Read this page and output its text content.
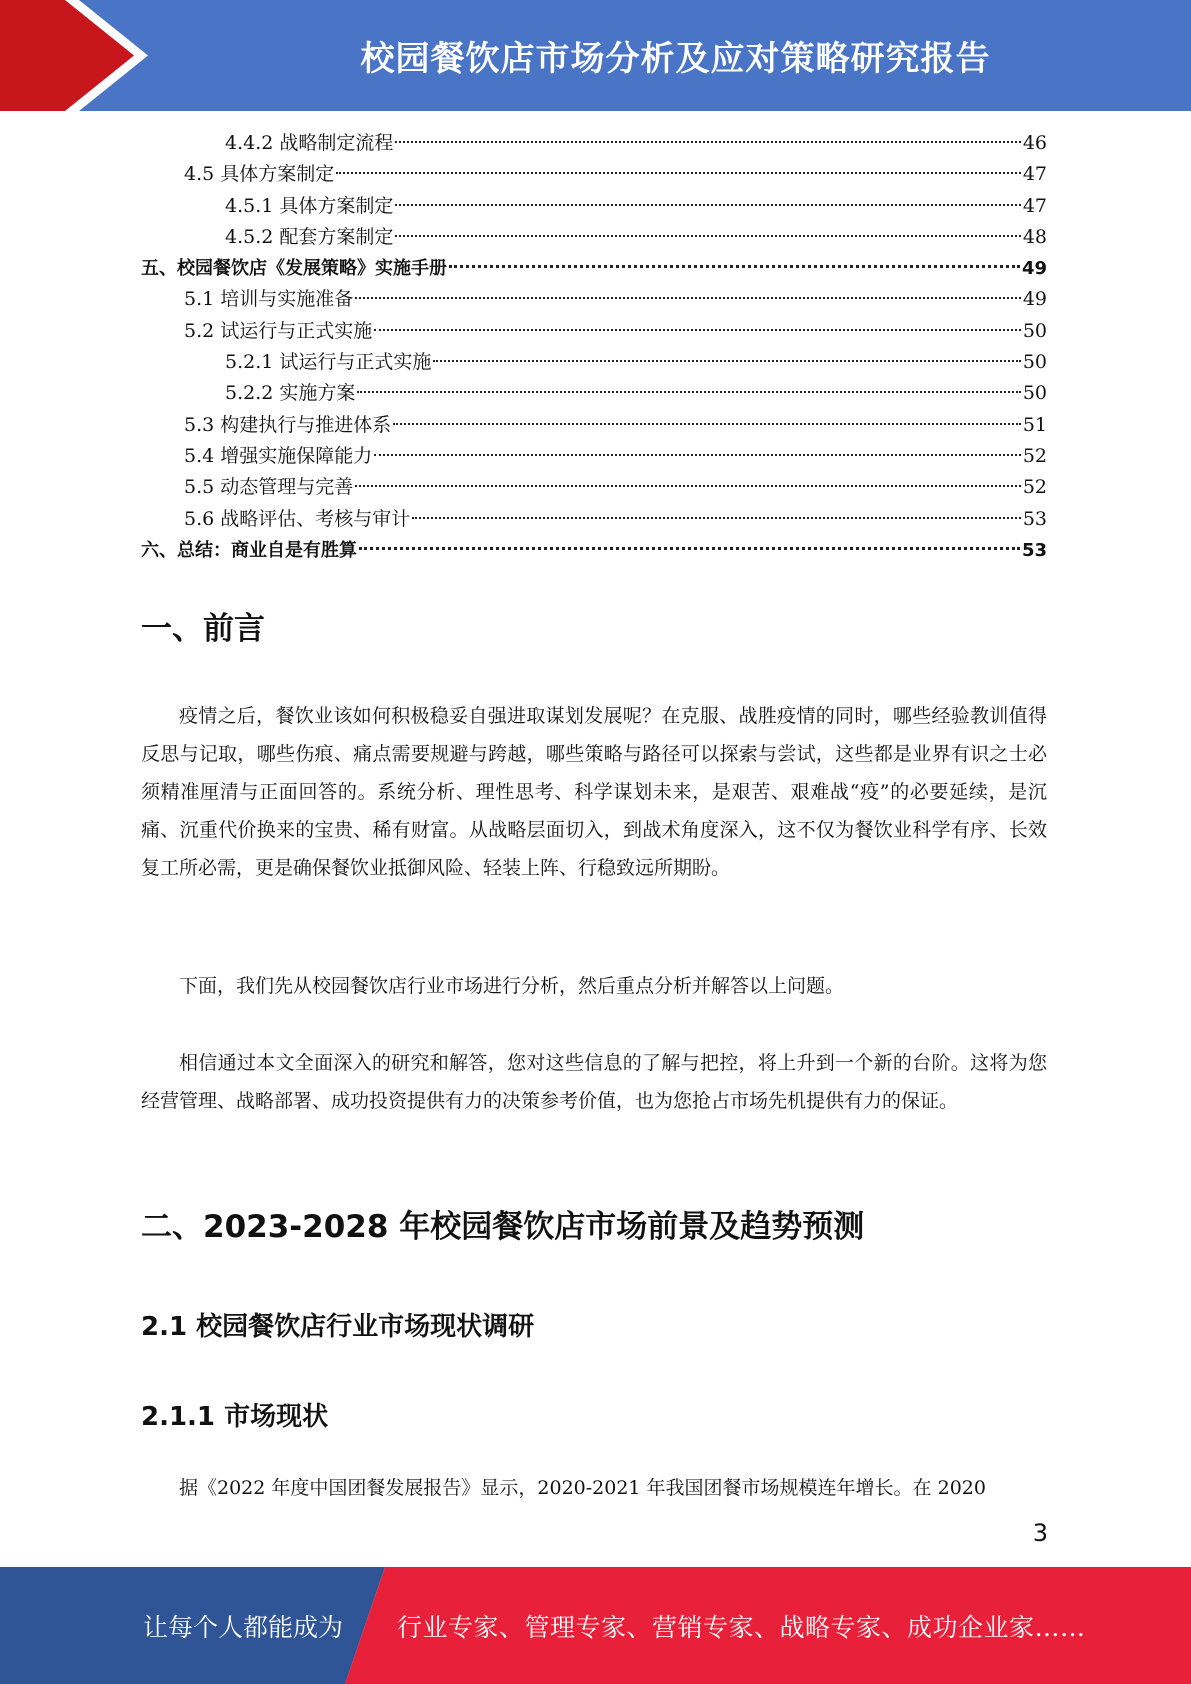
校园餐饮店市场分析及应对策略研究报告
4.4.2 战略制定流程	46
4.5 具体方案制定	47
4.5.1 具体方案制定	47
4.5.2 配套方案制定	48
五、校园餐饮店《发展策略》实施手册	49
5.1 培训与实施准备	49
5.2 试运行与正式实施	50
5.2.1 试运行与正式实施	50
5.2.2 实施方案	50
5.3 构建执行与推进体系	51
5.4 增强实施保障能力	52
5.5 动态管理与完善	52
5.6 战略评估、考核与审计	53
六、总结：商业自是有胜算	53
一、前言

疫情之后，餐饮业该如何积极稳妥自强进取谋划发展呢？在克服、战胜疫情的同时，哪些经验教训值得反思与记取，哪些伤痕、痛点需要规避与跨越，哪些策略与路径可以探索与尝试，这些都是业界有识之士必须精准厘清与正面回答的。系统分析、理性思考、科学谋划未来，是艰苦、艰难战“疫”的必要延续，是沉痛、沉重代价换来的宝贵、稀有财富。从战略层面切入，到战术角度深入，这不仅为餐饮业科学有序、长效复工所必需，更是确保餐饮业抵御风险、轻装上阵、行稳致远所期盼。

下面，我们先从校园餐饮店行业市场进行分析，然后重点分析并解答以上问题。

相信通过本文全面深入的研究和解答，您对这些信息的了解与把控，将上升到一个新的台阶。这将为您经营管理、战略部署、成功投资提供有力的决策参考价值，也为您抢占市场先机提供有力的保证。

二、2023-2028 年校园餐饮店市场前景及趋势预测
2.1 校园餐饮店行业市场现状调研
2.1.1 市场现状

据《2022 年度中国团餐发展报告》显示，2020-2021 年我国团餐市场规模连年增长。在 2020

3
让每个人都能成为 行业专家、管理专家、营销专家、战略专家、成功企业家……
